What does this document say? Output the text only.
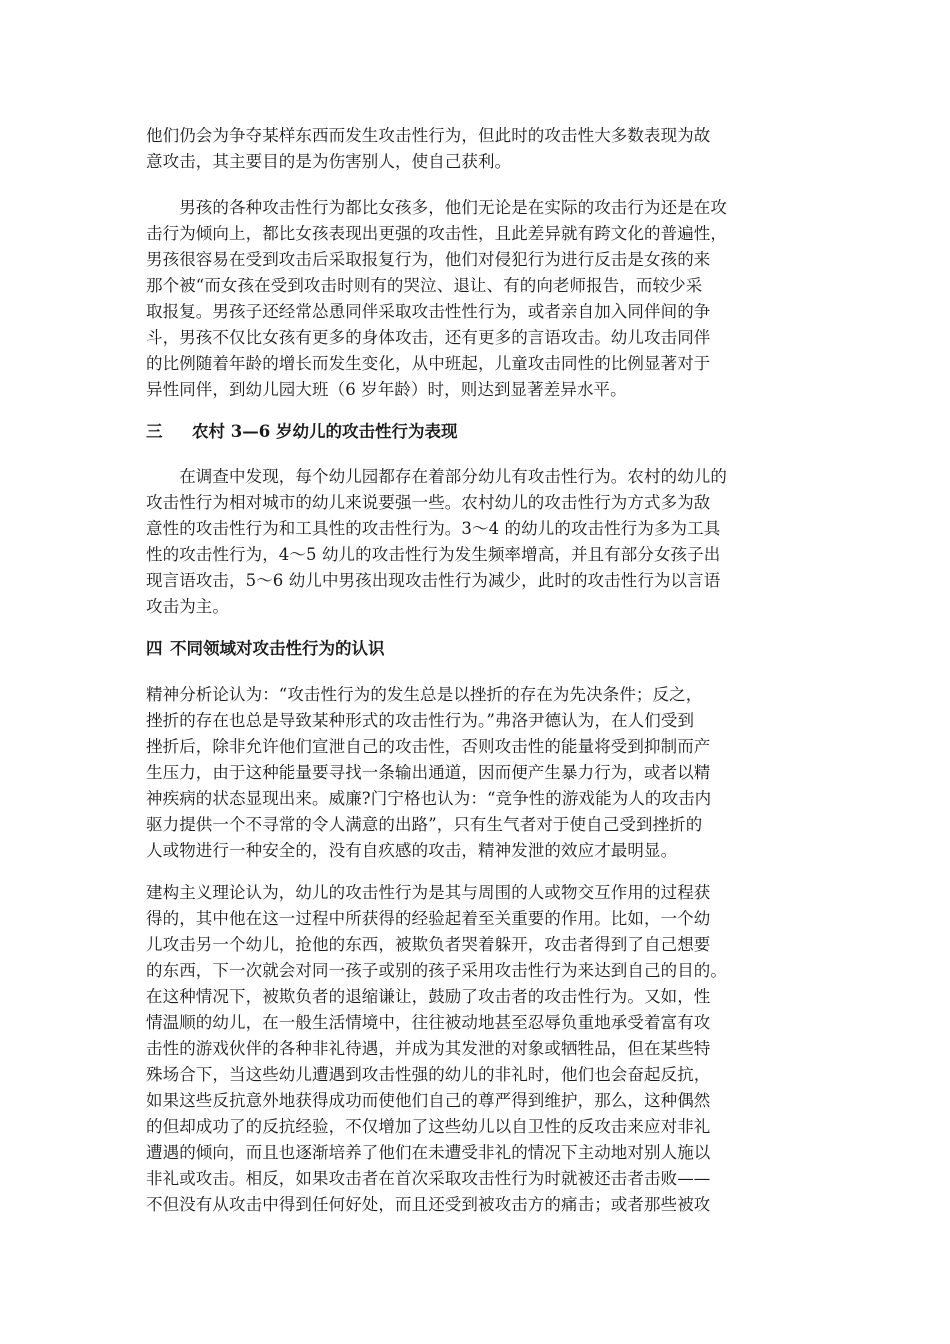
他们仍会为争夺某样东西而发生攻击性行为，但此时的攻击性大多数表现为故
意攻击，其主要目的是为伤害别人，使自己获利。
　　男孩的各种攻击性行为都比女孩多，他们无论是在实际的攻击行为还是在攻
击行为倾向上，都比女孩表现出更强的攻击性，且此差异就有跨文化的普遍性，
男孩很容易在受到攻击后采取报复行为，他们对侵犯行为进行反击是女孩的来
那个被“而女孩在受到攻击时则有的哭泣、退让、有的向老师报告，而较少采
取报复。男孩子还经常怂恿同伴采取攻击性性行为，或者亲自加入同伴间的争
斗，男孩不仅比女孩有更多的身体攻击，还有更多的言语攻击。幼儿攻击同伴
的比例随着年龄的增长而发生变化，从中班起，儿童攻击同性的比例显著对于
异性同伴，到幼儿园大班（6 岁年龄）时，则达到显著差异水平。
三 农村 3—6 岁幼儿的攻击性行为表现
　　在调查中发现，每个幼儿园都存在着部分幼儿有攻击性行为。农村的幼儿的
攻击性行为相对城市的幼儿来说要强一些。农村幼儿的攻击性行为方式多为敌
意性的攻击性行为和工具性的攻击性行为。3～4 的幼儿的攻击性行为多为工具
性的攻击性行为，4～5 幼儿的攻击性行为发生频率增高，并且有部分女孩子出
现言语攻击，5～6 幼儿中男孩出现攻击性行为减少，此时的攻击性行为以言语
攻击为主。
四 不同领域对攻击性行为的认识
精神分析论认为：“攻击性行为的发生总是以挫折的存在为先决条件；反之，
挫折的存在也总是导致某种形式的攻击性行为。”弗洛尹德认为，在人们受到
挫折后，除非允许他们宣泄自己的攻击性，否则攻击性的能量将受到抑制而产
生压力，由于这种能量要寻找一条输出通道，因而便产生暴力行为，或者以精
神疾病的状态显现出来。威廉?门宁格也认为：“竞争性的游戏能为人的攻击内
驱力提供一个不寻常的令人满意的出路”，只有生气者对于使自己受到挫折的
人或物进行一种安全的，没有自疚感的攻击，精神发泄的效应才最明显。
建构主义理论认为，幼儿的攻击性行为是其与周围的人或物交互作用的过程获
得的，其中他在这一过程中所获得的经验起着至关重要的作用。比如，一个幼
儿攻击另一个幼儿，抢他的东西，被欺负者哭着躲开，攻击者得到了自己想要
的东西，下一次就会对同一孩子或别的孩子采用攻击性行为来达到自己的目的。
在这种情况下，被欺负者的退缩谦让，鼓励了攻击者的攻击性行为。又如，性
情温顺的幼儿，在一般生活情境中，往往被动地甚至忍辱负重地承受着富有攻
击性的游戏伙伴的各种非礼待遇，并成为其发泄的对象或牺牲品，但在某些特
殊场合下，当这些幼儿遭遇到攻击性强的幼儿的非礼时，他们也会奋起反抗，
如果这些反抗意外地获得成功而使他们自己的尊严得到维护，那么，这种偶然
的但却成功了的反抗经验，不仅增加了这些幼儿以自卫性的反攻击来应对非礼
遭遇的倾向，而且也逐渐培养了他们在未遭受非礼的情况下主动地对别人施以
非礼或攻击。相反，如果攻击者在首次采取攻击性行为时就被还击者击败——
不但没有从攻击中得到任何好处，而且还受到被攻击方的痛击；或者那些被攻
